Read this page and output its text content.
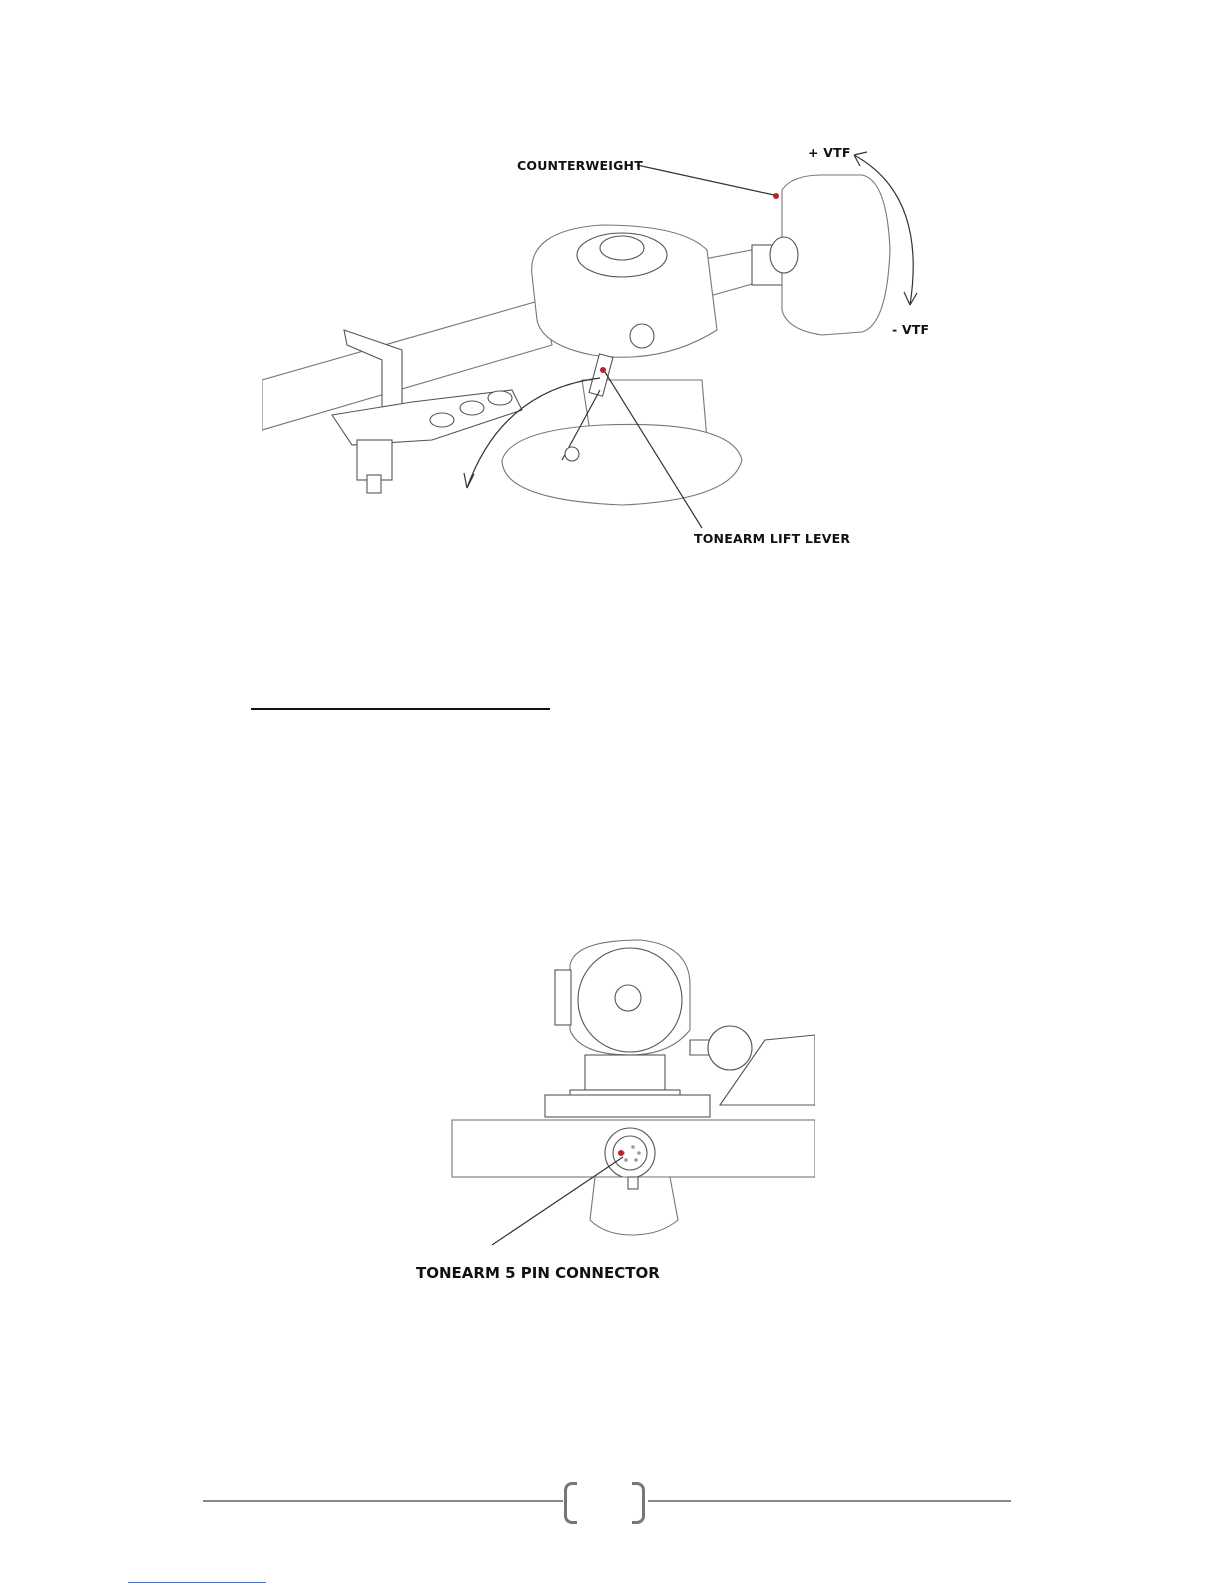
COUNTERWEIGHT
+ VTF
- VTF
TONEARM LIFT LEVER
TONEARM 5 PIN CONNECTOR
